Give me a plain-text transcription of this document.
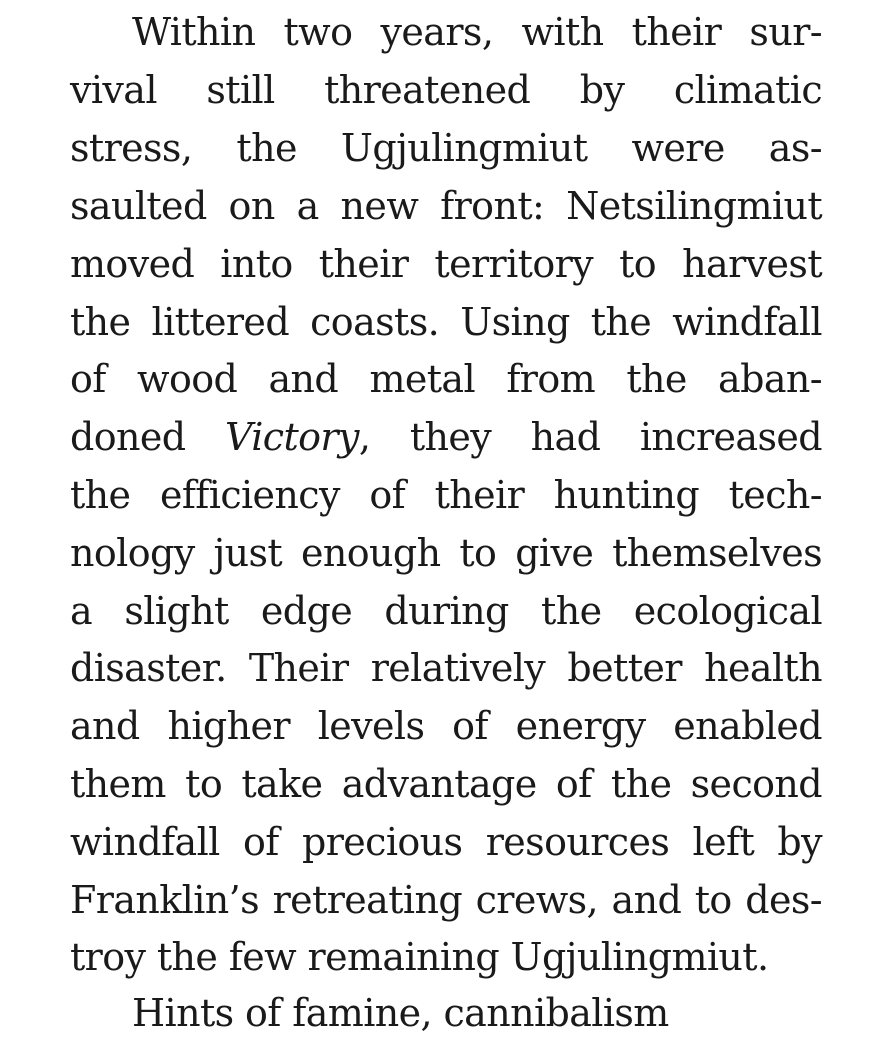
Within two years, with their sur-
vival still threatened by climatic
stress, the Ugjulingmiut were as-
saulted on a new front: Netsilingmiut
moved into their territory to harvest
the littered coasts. Using the windfall
of wood and metal from the aban-
doned Victory, they had increased
the efficiency of their hunting tech-
nology just enough to give themselves
a slight edge during the ecological
disaster. Their relatively better health
and higher levels of energy enabled
them to take advantage of the second
windfall of precious resources left by
Franklin’s retreating crews, and to des-
troy the few remaining Ugjulingmiut.
Hints of famine, cannibalism
